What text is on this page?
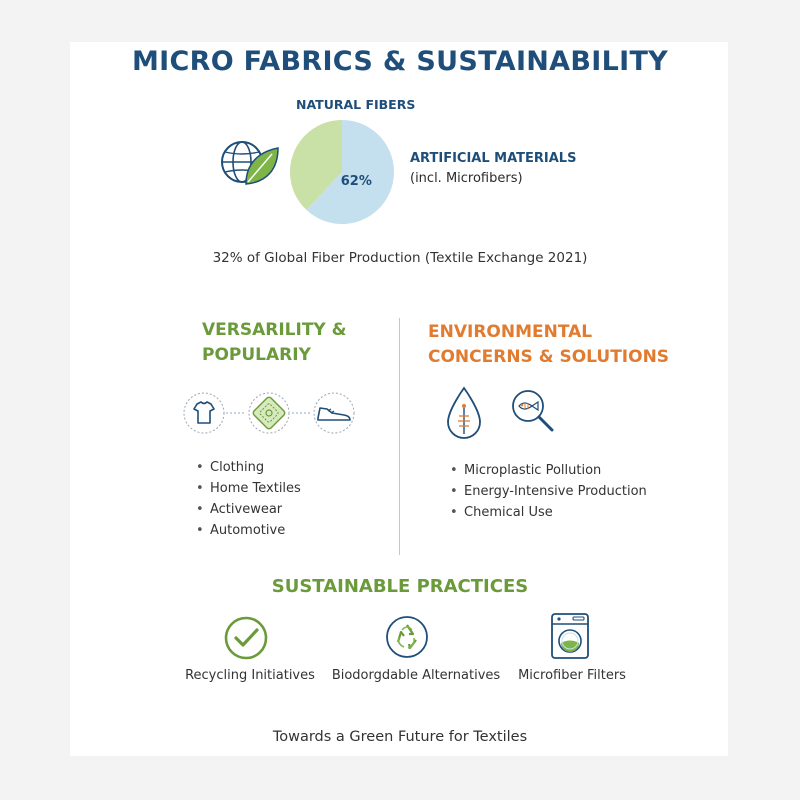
MICRO FABRICS & SUSTAINABILITY
NATURAL FIBERS
62%
ARTIFICIAL MATERIALS
(incl. Microfibers)
32% of Global Fiber Production (Textile Exchange 2021)
VERSARILITY &
POPULARIY
• Clothing
• Home Textiles
• Activewear
• Automotive
ENVIRONMENTAL
CONCERNS & SOLUTIONS
• Microplastic Pollution
• Energy-Intensive Production
• Chemical Use
SUSTAINABLE PRACTICES
Recycling Initiatives	Biodorgdable Alternatives	Microfiber Filters
Towards a Green Future for Textiles
